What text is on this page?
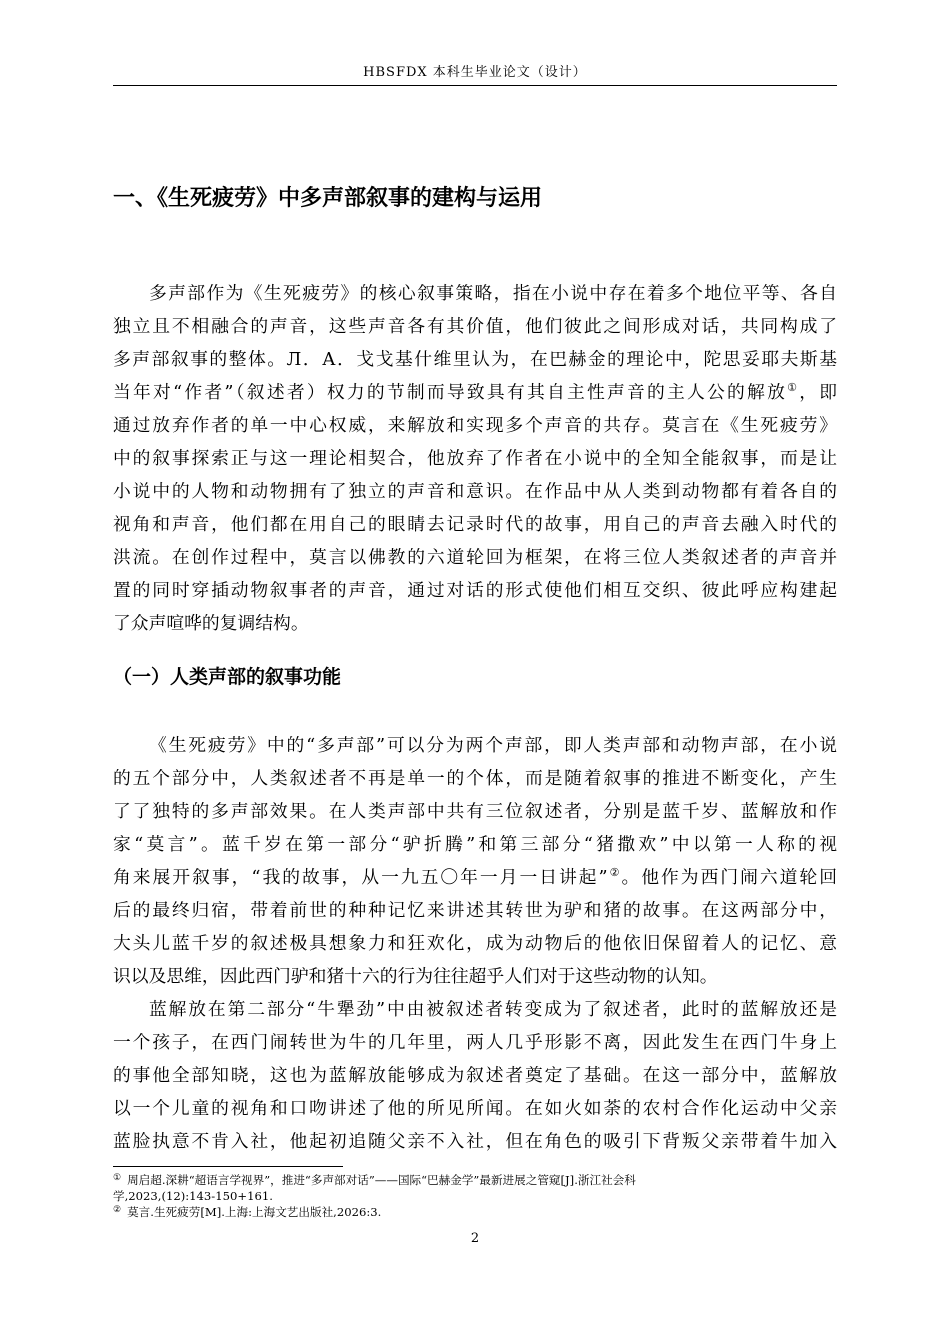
HBSFDX 本科生毕业论文（设计）
一、《生死疲劳》中多声部叙事的建构与运用
多声部作为《生死疲劳》的核心叙事策略，指在小说中存在着多个地位平等、各自
独立且不相融合的声音，这些声音各有其价值，他们彼此之间形成对话，共同构成了
多声部叙事的整体。Л．А．戈戈基什维里认为，在巴赫金的理论中，陀思妥耶夫斯基
当年对“作者”（叙述者）权力的节制而导致具有其自主性声音的主人公的解放①，即
通过放弃作者的单一中心权威，来解放和实现多个声音的共存。莫言在《生死疲劳》
中的叙事探索正与这一理论相契合，他放弃了作者在小说中的全知全能叙事，而是让
小说中的人物和动物拥有了独立的声音和意识。在作品中从人类到动物都有着各自的
视角和声音，他们都在用自己的眼睛去记录时代的故事，用自己的声音去融入时代的
洪流。在创作过程中，莫言以佛教的六道轮回为框架，在将三位人类叙述者的声音并
置的同时穿插动物叙事者的声音，通过对话的形式使他们相互交织、彼此呼应构建起
了众声喧哗的复调结构。
（一）人类声部的叙事功能
《生死疲劳》中的“多声部”可以分为两个声部，即人类声部和动物声部，在小说
的五个部分中，人类叙述者不再是单一的个体，而是随着叙事的推进不断变化，产生
了了独特的多声部效果。在人类声部中共有三位叙述者，分别是蓝千岁、蓝解放和作
家“莫言”。蓝千岁在第一部分“驴折腾”和第三部分“猪撒欢”中以第一人称的视
角来展开叙事，“我的故事，从一九五〇年一月一日讲起”②。他作为西门闹六道轮回
后的最终归宿，带着前世的种种记忆来讲述其转世为驴和猪的故事。在这两部分中，
大头儿蓝千岁的叙述极具想象力和狂欢化，成为动物后的他依旧保留着人的记忆、意
识以及思维，因此西门驴和猪十六的行为往往超乎人们对于这些动物的认知。
蓝解放在第二部分“牛犟劲”中由被叙述者转变成为了叙述者，此时的蓝解放还是
一个孩子，在西门闹转世为牛的几年里，两人几乎形影不离，因此发生在西门牛身上
的事他全部知晓，这也为蓝解放能够成为叙述者奠定了基础。在这一部分中，蓝解放
以一个儿童的视角和口吻讲述了他的所见所闻。在如火如荼的农村合作化运动中父亲
蓝脸执意不肯入社，他起初追随父亲不入社，但在角色的吸引下背叛父亲带着牛加入
① 周启超.深耕“超语言学视界”，推进“多声部对话”——国际“巴赫金学”最新进展之管窥[J].浙江社会科
学,2023,(12):143-150+161.
② 莫言.生死疲劳[M].上海:上海文艺出版社,2026:3.
2
